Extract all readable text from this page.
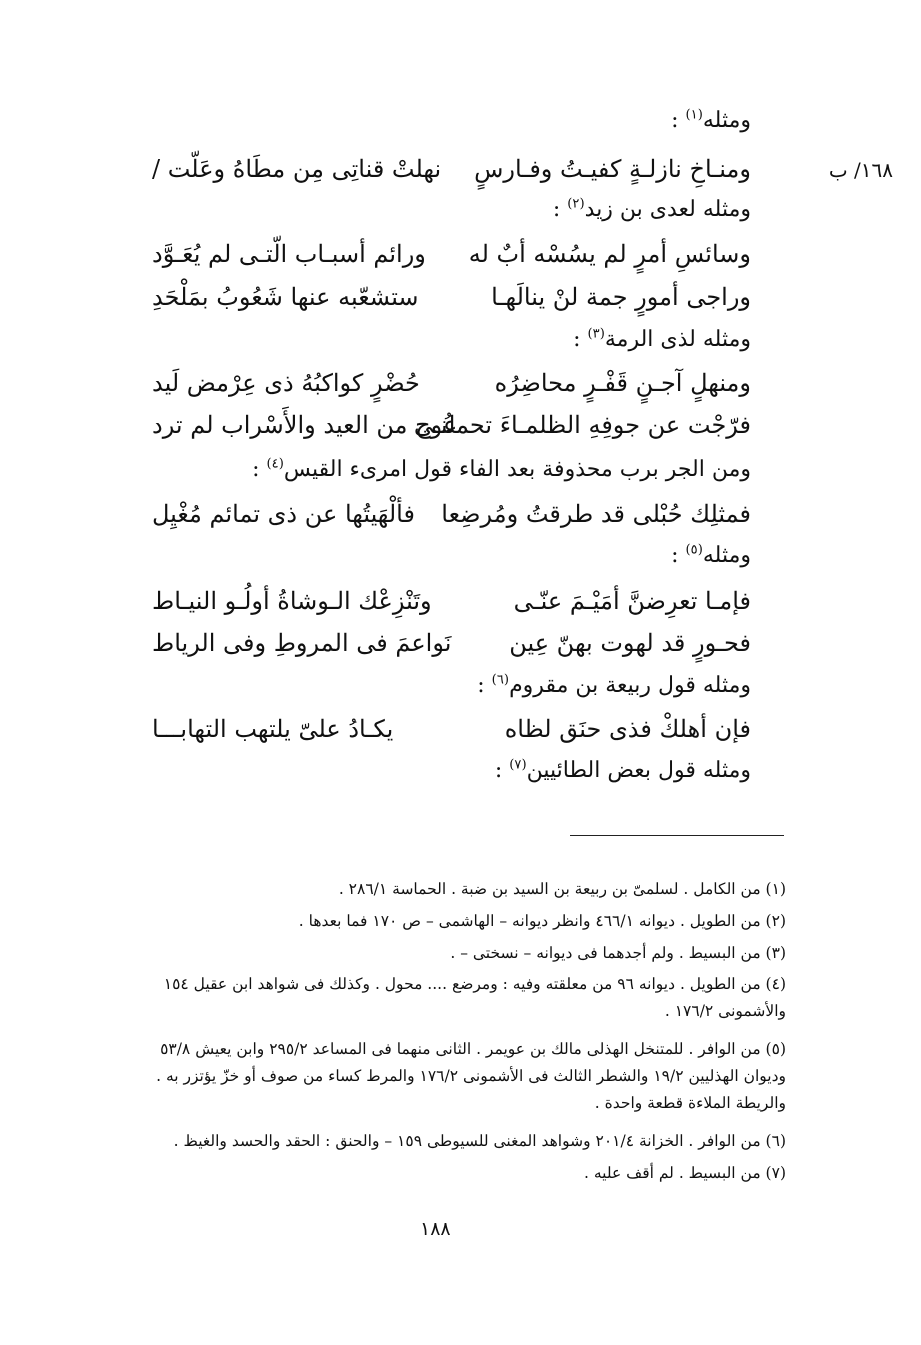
١٦٨/ ب
ومثله$^{(١)}$ :
ومنـاخِ نازلـةٍ كفيـتُ وفـارسٍ
نهلتْ قناتِى مِن مطَاهُ وعَلّت /
ومثله لعدى بن زيد$^{(٢)}$ :
وسائسِ أمرٍ لم يسُسْه أبٌ له
ورائم أسبـاب الّتـى لم يُعَـوَّد
وراجى أمورٍ جمة لنْ ينالَهـا
ستشعّبه عنها شَعُوبُ بمَلْحَدِ
ومثله لذى الرمة$^{(٣)}$ :
ومنهلٍ آجـنٍ قَفْـرٍ محاضِرُه
حُضْرٍ كواكبُهُ ذى عِرْمض لَيد
فرّجْت عن جوفِهِ الظلمـاءَ تحملنـى
عُوج من العيد والأَسْراب لم ترد
ومن الجر برب محذوفة بعد الفاء قول امرىء القيس$^{(٤)}$ :
فمثلِك حُبْلى قد طرقتُ ومُرضِعا
فألْهَيتُها عن ذى تمائم مُغْيِل
ومثله$^{(٥)}$ :
فإمـا تعرِضنَّ أمَيْـمَ عنّـى
وتَنْزِعْك الـوشاةُ أولُـو النيـاط
فحـورٍ قد لهوت بهنّ عِين
نَواعمَ فى المروطِ وفى الرياط
ومثله قول ربيعة بن مقروم$^{(٦)}$ :
فإن أهلكْ فذى حنَق لظاه
يكـادُ علىّ يلتهب التهابـــا
ومثله قول بعض الطائيين$^{(٧)}$ :
(١) من الكامل . لسلمىّ بن ربيعة بن السيد بن ضبة . الحماسة ٢٨٦/١ .
(٢) من الطويل . ديوانه ٤٦٦/١ وانظر ديوانه – الهاشمى – ص ١٧٠ فما بعدها .
(٣) من البسيط . ولم أجدهما فى ديوانه – نسختى – .
(٤) من الطويل . ديوانه ٩٦ من معلقته وفيه : ومرضع .... محول . وكذلك فى شواهد ابن عقيل ١٥٤ والأشمونى ١٧٦/٢ .
(٥) من الوافر . للمتنخل الهذلى مالك بن عويمر . الثانى منهما فى المساعد ٢٩٥/٢ وابن يعيش ٥٣/٨ وديوان الهذليين ١٩/٢ والشطر الثالث فى الأشمونى ١٧٦/٢ والمرط كساء من صوف أو خزّ يؤتزر به . والريطة الملاءة قطعة واحدة .
(٦) من الوافر . الخزانة ٢٠١/٤ وشواهد المغنى للسيوطى ١٥٩ – والحنق : الحقد والحسد والغيظ .
(٧) من البسيط . لم أقف عليه .
١٨٨
